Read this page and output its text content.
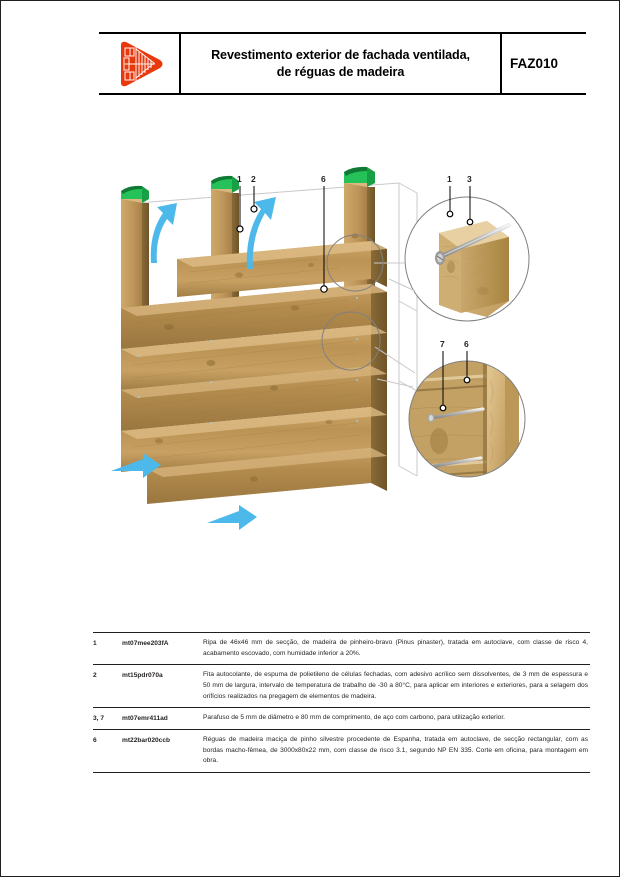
Revestimento exterior de fachada ventilada,
de réguas de madeira
FAZ010
1 2	6	1 3
7 6
1	mt07mee203fA	Ripa de 46x46 mm de secção, de madeira de pinheiro-bravo (Pinus pinaster), tratada em autoclave, com classe de risco 4, acabamento escovado, com humidade inferior a 20%.
2	mt15pdr070a	Fita autocolante, de espuma de polietileno de células fechadas, com adesivo acrílico sem dissolventes, de 3 mm de espessura e 50 mm de largura, intervalo de temperatura de trabalho de -30 a 80°C, para aplicar em interiores e exteriores, para a selagem dos orifícios realizados na pregagem de elementos de madeira.
3, 7	mt07emr411ad	Parafuso de 5 mm de diâmetro e 80 mm de comprimento, de aço com carbono, para utilização exterior.
6	mt22bar020ccb	Réguas de madeira maciça de pinho silvestre procedente de Espanha, tratada em autoclave, de secção rectangular, com as bordas macho-fêmea, de 3000x80x22 mm, com classe de risco 3.1, segundo NP EN 335. Corte em oficina, para montagem em obra.
